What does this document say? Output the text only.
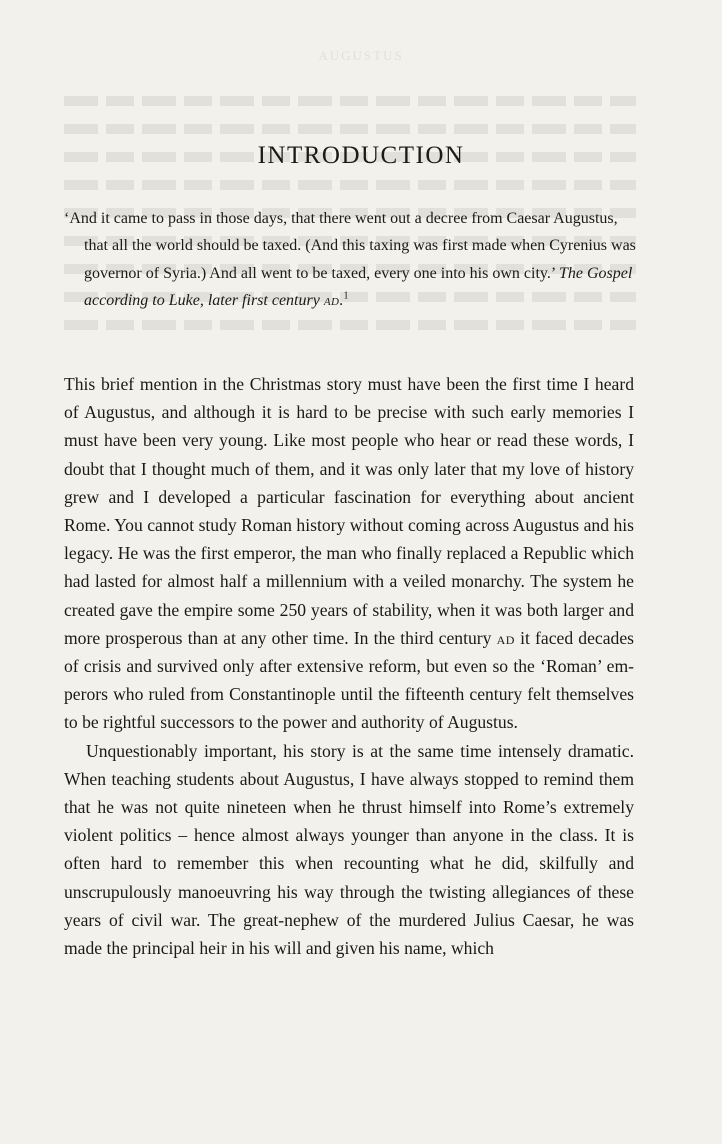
AUGUSTUS
INTRODUCTION

‘And it came to pass in those days, that there went out a decree from Caesar Augustus, that all the world should be taxed. (And this taxing was first made when Cyrenius was governor of Syria.) And all went to be taxed, every one into his own city.’ The Gospel according to Luke, later first century ad.$^1$

This brief mention in the Christmas story must have been the first time I heard of Augustus, and although it is hard to be precise with such early memories I must have been very young. Like most people who hear or read these words, I doubt that I thought much of them, and it was only later that my love of history grew and I developed a particular fascination for everything about ancient Rome. You cannot study Roman history without coming across Augustus and his legacy. He was the first emperor, the man who finally replaced a Republic which had lasted for almost half a millennium with a veiled monarchy. The system he created gave the empire some 250 years of stability, when it was both larger and more prosperous than at any other time. In the third century ad it faced decades of crisis and survived only after extensive reform, but even so the ‘Roman’ emperors who ruled from Constantinople until the fifteenth century felt themselves to be rightful successors to the power and authority of Augustus.

Unquestionably important, his story is at the same time intensely dramatic. When teaching students about Augustus, I have always stopped to remind them that he was not quite nineteen when he thrust himself into Rome’s extremely violent politics – hence almost always younger than anyone in the class. It is often hard to remember this when recounting what he did, skilfully and unscrupulously manoeuvring his way through the twisting allegiances of these years of civil war. The great-nephew of the murdered Julius Caesar, he was made the principal heir in his will and given his name, which
